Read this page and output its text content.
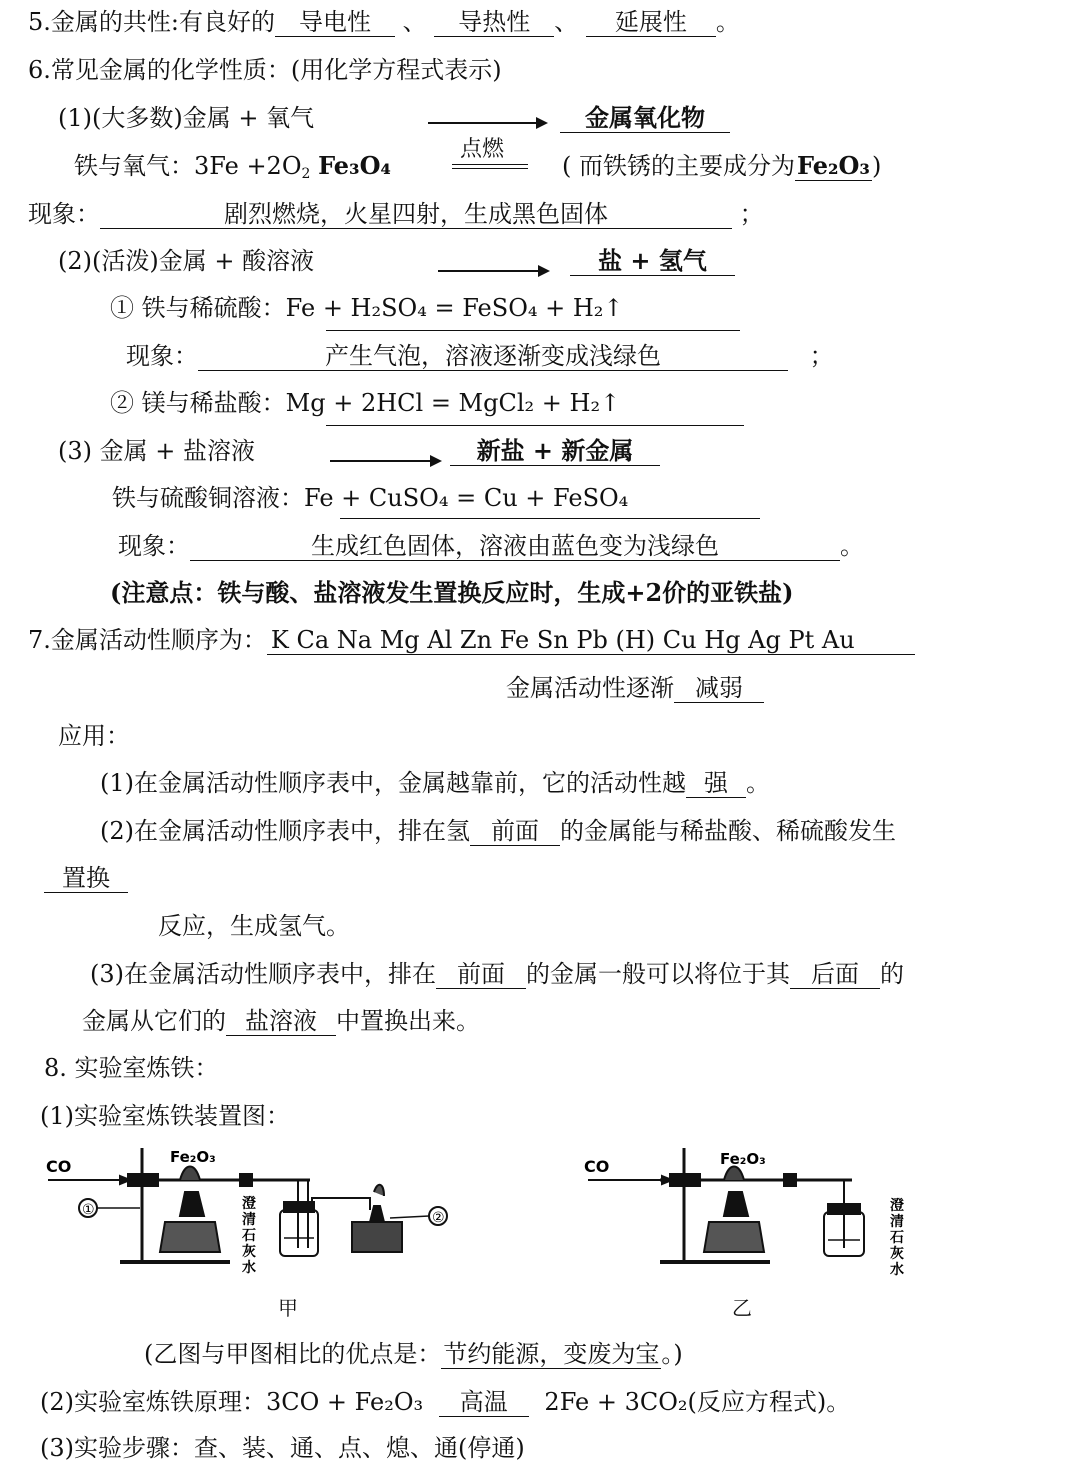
5.金属的共性:有良好的 导电性 、 导热性 、 延展性 。
6.常见金属的化学性质：(用化学方程式表示)
(1)(大多数)金属 + 氧气	金属氧化物
铁与氧气：$3Fe +2O_2$ Fe₃O₄
点燃
( 而铁锈的主要成分为Fe₂O₃)
现象：	剧烈燃烧，火星四射，生成黑色固体	；
(2)(活泼)金属 + 酸溶液	盐 + 氢气
① 铁与稀硫酸：Fe + H₂SO₄ = FeSO₄ + H₂↑
现象：	产生气泡，溶液逐渐变成浅绿色	；
② 镁与稀盐酸：Mg + 2HCl = MgCl₂ + H₂↑
(3) 金属 + 盐溶液	新盐 + 新金属
铁与硫酸铜溶液：Fe + CuSO₄ = Cu + FeSO₄
现象：	生成红色固体，溶液由蓝色变为浅绿色	。
(注意点：铁与酸、盐溶液发生置换反应时，生成+2价的亚铁盐)
7.金属活动性顺序为： K Ca Na Mg Al Zn Fe Sn Pb (H) Cu Hg Ag Pt Au
金属活动性逐渐 减弱
应用：
(1)在金属活动性顺序表中，金属越靠前，它的活动性越 强 。
(2)在金属活动性顺序表中，排在氢 前面 的金属能与稀盐酸、稀硫酸发生
置换
反应，生成氢气。
(3)在金属活动性顺序表中，排在 前面 的金属一般可以将位于其 后面 的
金属从它们的 盐溶液 中置换出来。
8. 实验室炼铁：
(1)实验室炼铁装置图：
CO	Fe₂O₃
①	②
澄
清
石
灰
水
甲
CO	Fe₂O₃
澄
清
石
灰
水
乙
(乙图与甲图相比的优点是：节约能源，变废为宝。)
(2)实验室炼铁原理：3CO + Fe₂O₃ 高温 2Fe + 3CO₂(反应方程式)。
(3)实验步骤：查、装、通、点、熄、通(停通)
